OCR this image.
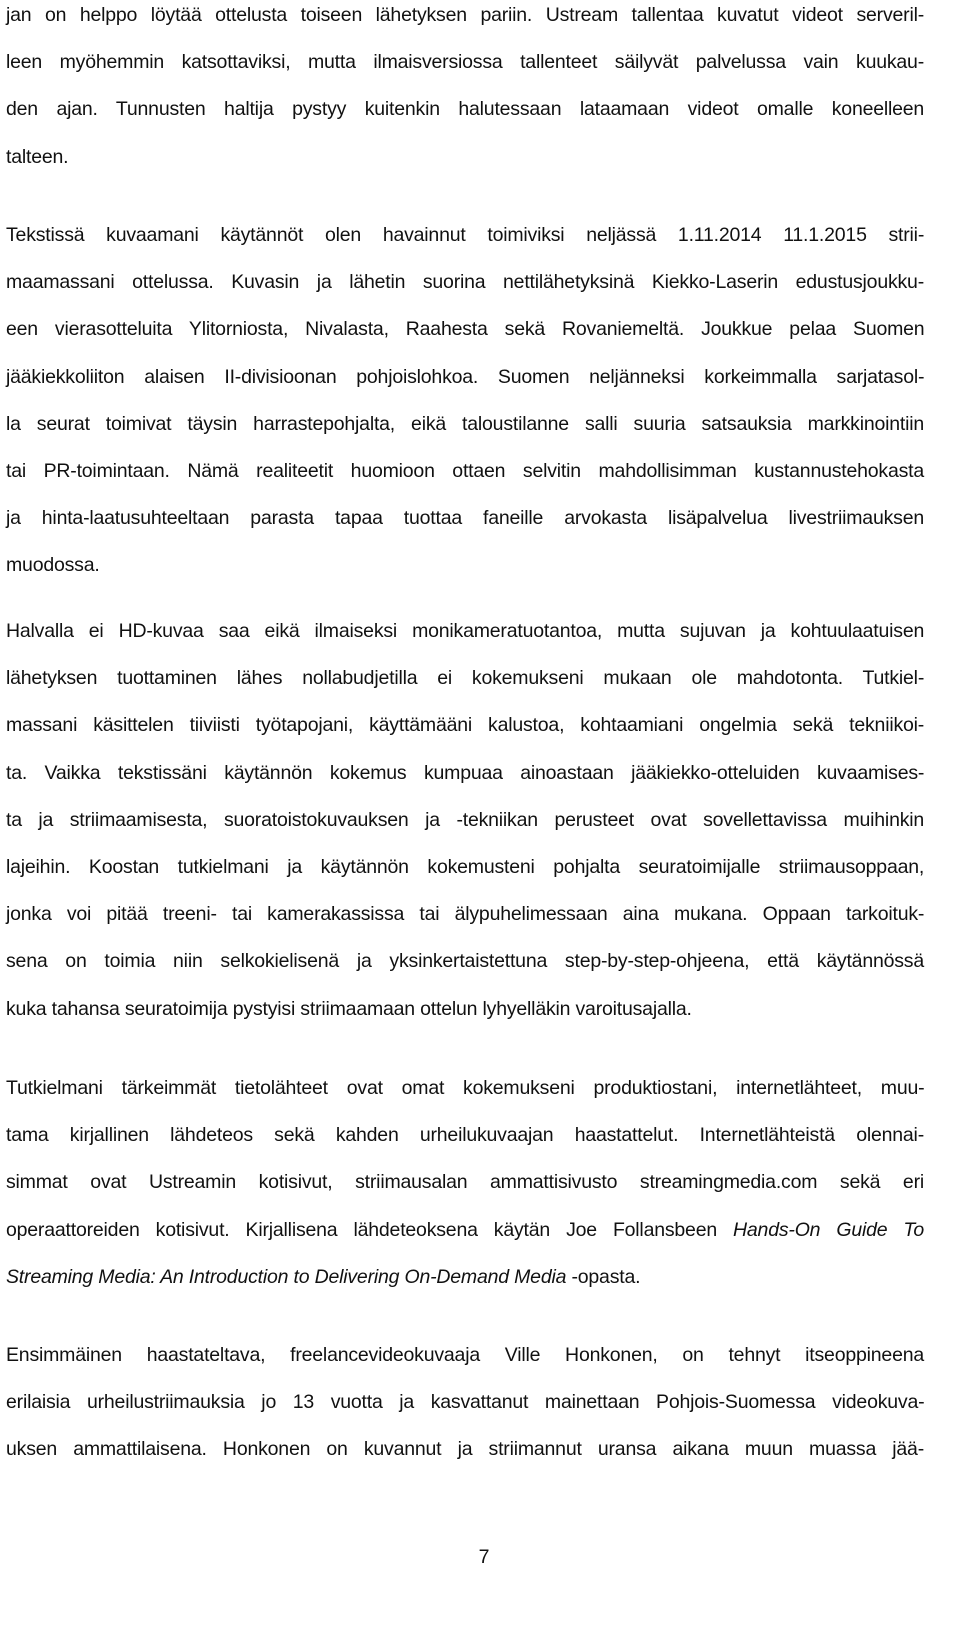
jan on helppo löytää ottelusta toiseen lähetyksen pariin. Ustream tallentaa kuvatut videot serveril-
leen myöhemmin katsottaviksi, mutta ilmaisversiossa tallenteet säilyvät palvelussa vain kuukau-
den ajan. Tunnusten haltija pystyy kuitenkin halutessaan lataamaan videot omalle koneelleen
talteen.
Tekstissä kuvaamani käytännöt olen havainnut toimiviksi neljässä 1.11.2014 11.1.2015 strii-
maamassani ottelussa. Kuvasin ja lähetin suorina nettilähetyksinä Kiekko-Laserin edustusjoukku-
een vierasotteluita Ylitorniosta, Nivalasta, Raahesta sekä Rovaniemeltä. Joukkue pelaa Suomen
jääkiekkoliiton alaisen II-divisioonan pohjoislohkoa. Suomen neljänneksi korkeimmalla sarjatasol-
la seurat toimivat täysin harrastepohjalta, eikä taloustilanne salli suuria satsauksia markkinointiin
tai PR-toimintaan. Nämä realiteetit huomioon ottaen selvitin mahdollisimman kustannustehokasta
ja hinta-laatusuhteeltaan parasta tapaa tuottaa faneille arvokasta lisäpalvelua livestriimauksen
muodossa.
Halvalla ei HD-kuvaa saa eikä ilmaiseksi monikameratuotantoa, mutta sujuvan ja kohtuulaatuisen
lähetyksen tuottaminen lähes nollabudjetilla ei kokemukseni mukaan ole mahdotonta. Tutkiel-
massani käsittelen tiiviisti työtapojani, käyttämääni kalustoa, kohtaamiani ongelmia sekä tekniikoi-
ta. Vaikka tekstissäni käytännön kokemus kumpuaa ainoastaan jääkiekko-otteluiden kuvaamises-
ta ja striimaamisesta, suoratoistokuvauksen ja -tekniikan perusteet ovat sovellettavissa muihinkin
lajeihin. Koostan tutkielmani ja käytännön kokemusteni pohjalta seuratoimijalle striimausoppaan,
jonka voi pitää treeni- tai kamerakassissa tai älypuhelimessaan aina mukana. Oppaan tarkoituk-
sena on toimia niin selkokielisenä ja yksinkertaistettuna step-by-step-ohjeena, että käytännössä
kuka tahansa seuratoimija pystyisi striimaamaan ottelun lyhyelläkin varoitusajalla.
Tutkielmani tärkeimmät tietolähteet ovat omat kokemukseni produktiostani, internetlähteet, muu-
tama kirjallinen lähdeteos sekä kahden urheilukuvaajan haastattelut. Internetlähteistä olennai-
simmat ovat Ustreamin kotisivut, striimausalan ammattisivusto streamingmedia.com sekä eri
operaattoreiden kotisivut. Kirjallisena lähdeteoksena käytän Joe Follansbeen Hands-On Guide To
Streaming Media: An Introduction to Delivering On-Demand Media -opasta.
Ensimmäinen haastateltava, freelancevideokuvaaja Ville Honkonen, on tehnyt itseoppineena
erilaisia urheilustriimauksia jo 13 vuotta ja kasvattanut mainettaan Pohjois-Suomessa videokuva-
uksen ammattilaisena. Honkonen on kuvannut ja striimannut uransa aikana muun muassa jää-
7
